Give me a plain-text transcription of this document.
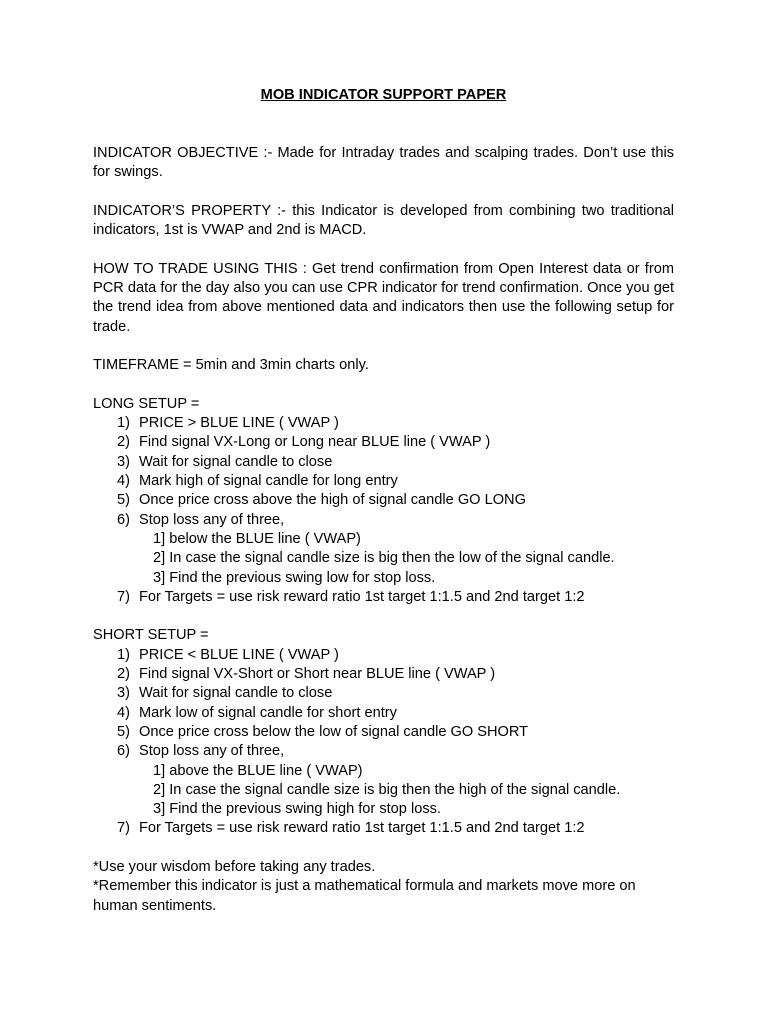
MOB INDICATOR SUPPORT PAPER

INDICATOR OBJECTIVE :- Made for Intraday trades and scalping trades. Don’t use this for swings.

INDICATOR’S PROPERTY :- this Indicator is developed from combining two traditional indicators, 1st is VWAP and 2nd is MACD.

HOW TO TRADE USING THIS : Get trend confirmation from Open Interest data or from PCR data for the day also you can use CPR indicator for trend confirmation. Once you get the trend idea from above mentioned data and indicators then use the following setup for trade.

TIMEFRAME = 5min and 3min charts only.

LONG SETUP =

1) PRICE > BLUE LINE ( VWAP )
2) Find signal VX-Long or Long near BLUE line ( VWAP )
3) Wait for signal candle to close
4) Mark high of signal candle for long entry
5) Once price cross above the high of signal candle GO LONG
6) Stop loss any of three,

1] below the BLUE line ( VWAP)

2] In case the signal candle size is big then the low of the signal candle.

3] Find the previous swing low for stop loss.

7) For Targets = use risk reward ratio 1st target 1:1.5 and 2nd target 1:2

SHORT SETUP =

1) PRICE < BLUE LINE ( VWAP )
2) Find signal VX-Short or Short near BLUE line ( VWAP )
3) Wait for signal candle to close
4) Mark low of signal candle for short entry
5) Once price cross below the low of signal candle GO SHORT
6) Stop loss any of three,

1] above the BLUE line ( VWAP)

2] In case the signal candle size is big then the high of the signal candle.

3] Find the previous swing high for stop loss.

7) For Targets = use risk reward ratio 1st target 1:1.5 and 2nd target 1:2

*Use your wisdom before taking any trades.

*Remember this indicator is just a mathematical formula and markets move more on human sentiments.
